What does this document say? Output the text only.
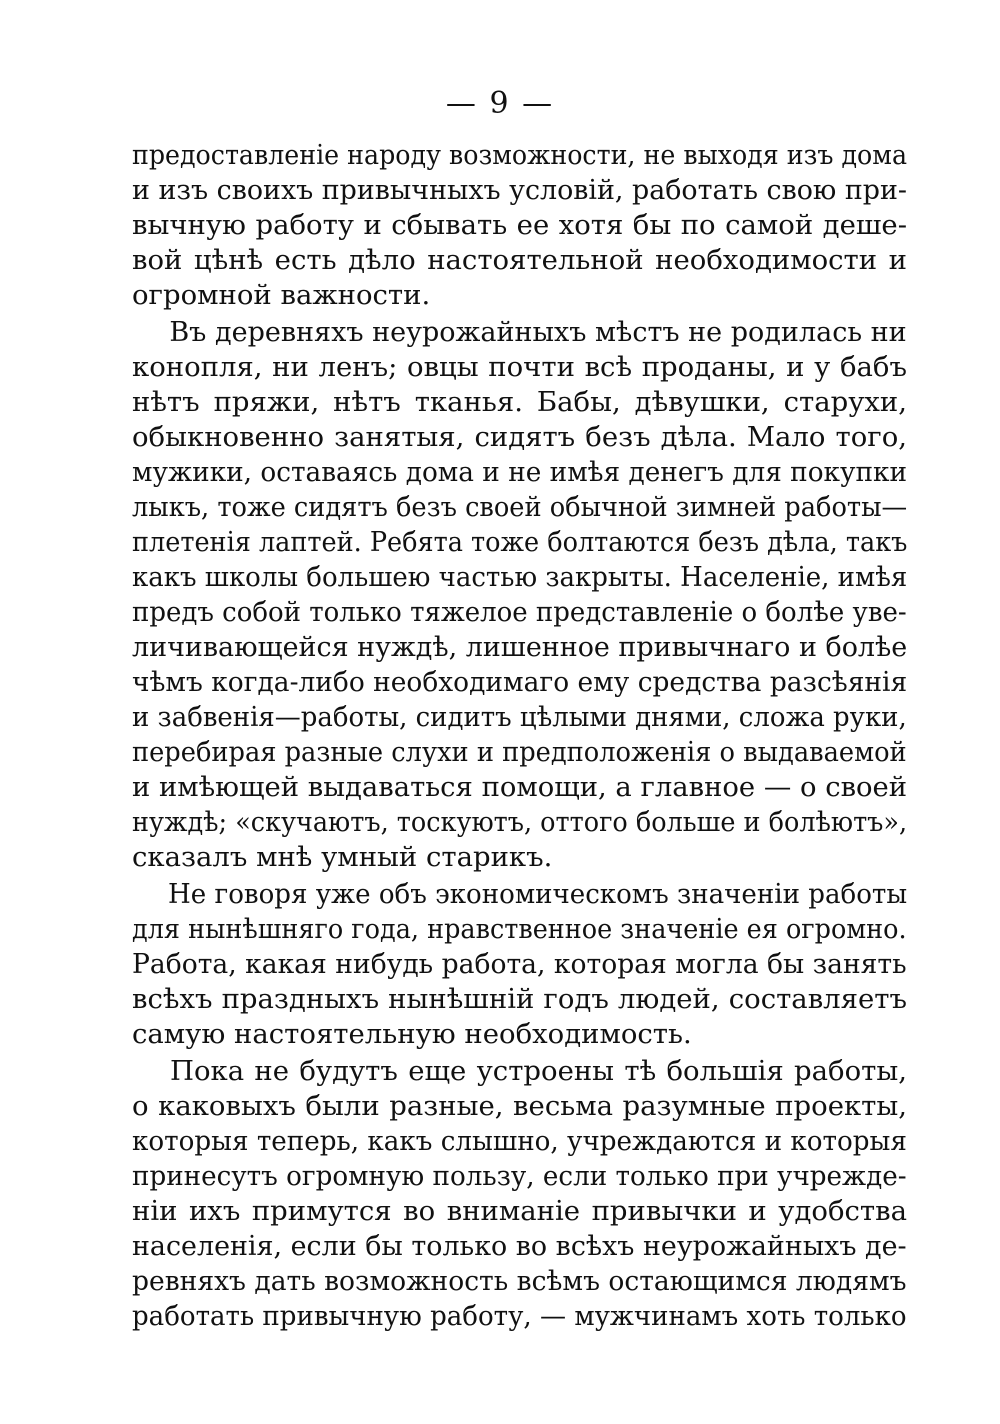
— 9 —
предоставленіе народу возможности, не выходя изъ дома
и изъ своихъ привычныхъ условій, работать свою при-
вычную работу и сбывать ее хотя бы по самой деше-
вой цѣнѣ есть дѣло настоятельной необходимости и
огромной важности.
Въ деревняхъ неурожайныхъ мѣстъ не родилась ни
конопля, ни ленъ; овцы почти всѣ проданы, и у бабъ
нѣтъ пряжи, нѣтъ тканья. Бабы, дѣвушки, старухи,
обыкновенно занятыя, сидятъ безъ дѣла. Мало того,
мужики, оставаясь дома и не имѣя денегъ для покупки
лыкъ, тоже сидятъ безъ своей обычной зимней работы—
плетенія лаптей. Ребята тоже болтаются безъ дѣла, такъ
какъ школы большею частью закрыты. Населеніе, имѣя
предъ собой только тяжелое представленіе о болѣе уве-
личивающейся нуждѣ, лишенное привычнаго и болѣе
чѣмъ когда-либо необходимаго ему средства разсѣянія
и забвенія—работы, сидитъ цѣлыми днями, сложа руки,
перебирая разные слухи и предположенія о выдаваемой
и имѣющей выдаваться помощи, а главное — о своей
нуждѣ; «скучаютъ, тоскуютъ, оттого больше и болѣютъ»,
сказалъ мнѣ умный старикъ.
Не говоря уже объ экономическомъ значеніи работы
для нынѣшняго года, нравственное значеніе ея огромно.
Работа, какая нибудь работа, которая могла бы занять
всѣхъ праздныхъ нынѣшній годъ людей, составляетъ
самую настоятельную необходимость.
Пока не будутъ еще устроены тѣ большія работы,
о каковыхъ были разные, весьма разумные проекты,
которыя теперь, какъ слышно, учреждаются и которыя
принесутъ огромную пользу, если только при учрежде-
ніи ихъ примутся во вниманіе привычки и удобства
населенія, если бы только во всѣхъ неурожайныхъ де-
ревняхъ дать возможность всѣмъ остающимся людямъ
работать привычную работу, — мужчинамъ хоть только
